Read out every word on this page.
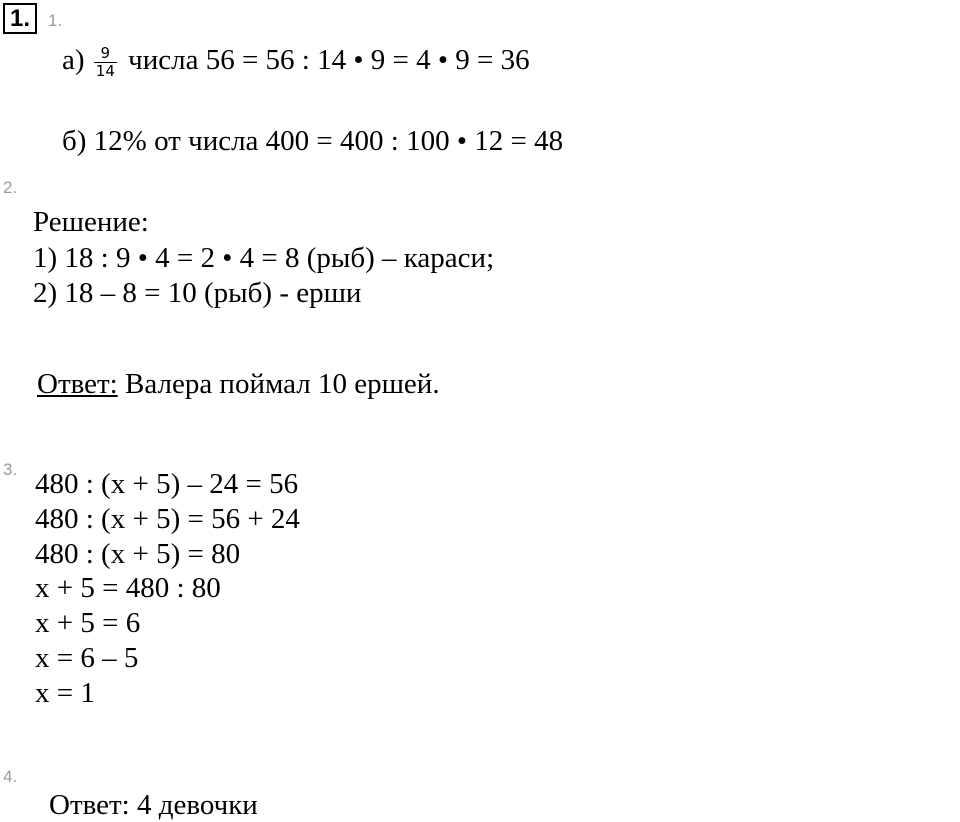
1.	1.
$а) \frac{9}{14}$ числа 56 = 56 : 14 • 9 = 4 • 9 = 36
б) 12% от числа 400 = 400 : 100 • 12 = 48
2.
Решение:
1) 18 : 9 • 4 = 2 • 4 = 8 (рыб) – караси;
2) 18 – 8 = 10 (рыб) - ерши
Ответ: Валера поймал 10 ершей.
3. 480 : (x + 5) – 24 = 56
480 : (x + 5) = 56 + 24
480 : (x + 5) = 80
x + 5 = 480 : 80
x + 5 = 6
x = 6 – 5
x = 1
4.
Ответ: 4 девочки
